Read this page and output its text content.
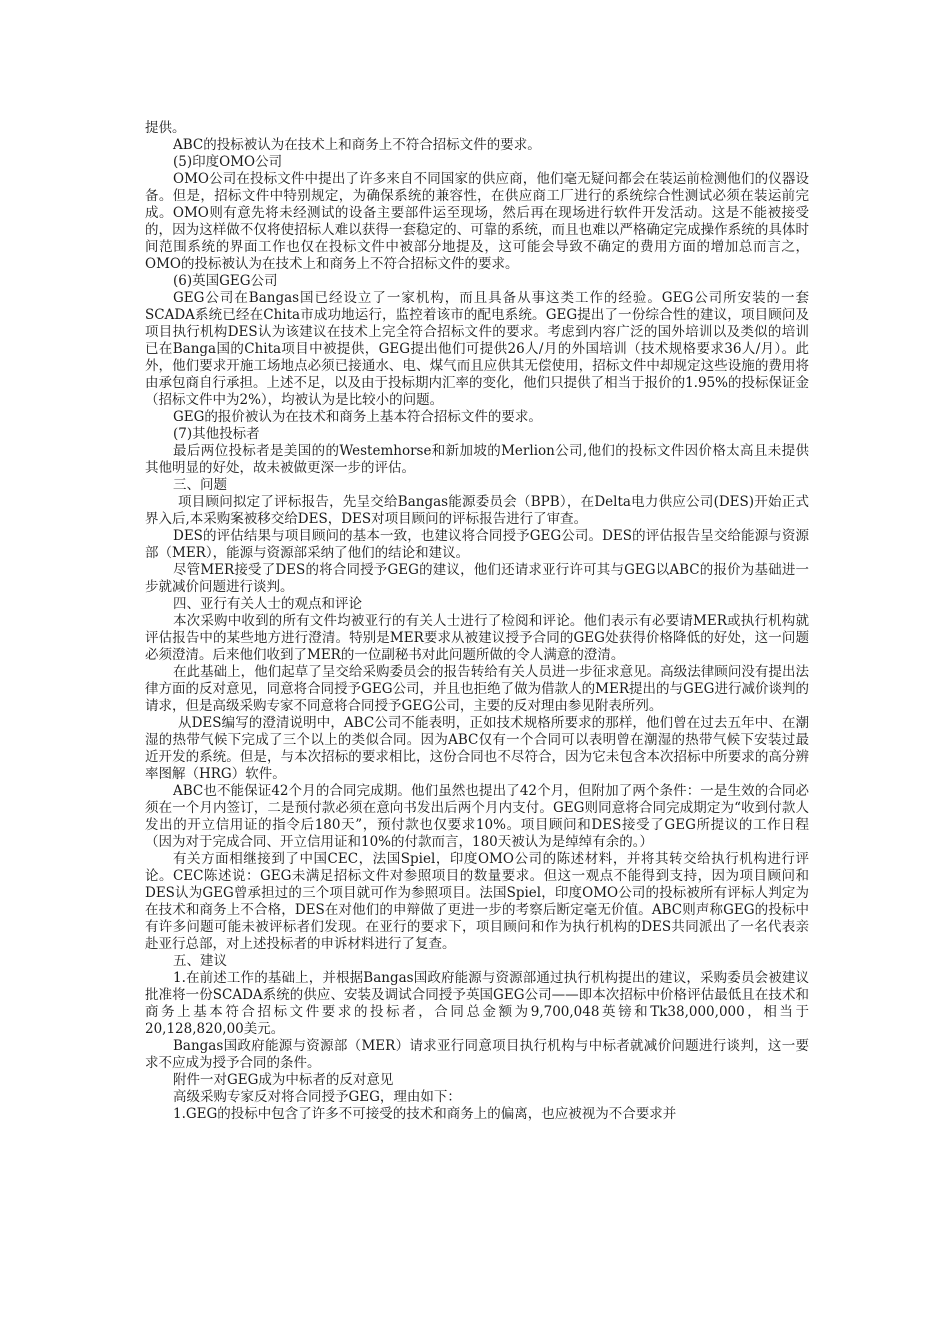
提供。

ABC的投标被认为在技术上和商务上不符合招标文件的要求。

(5)印度OMO公司

OMO公司在投标文件中提出了许多来自不同国家的供应商，他们毫无疑问都会在装运前检测他们的仪器设备。但是，招标文件中特别规定，为确保系统的兼容性，在供应商工厂进行的系统综合性测试必须在装运前完成。OMO则有意先将未经测试的设备主要部件运至现场，然后再在现场进行软件开发活动。这是不能被接受的，因为这样做不仅将使招标人难以获得一套稳定的、可靠的系统，而且也难以严格确定完成操作系统的具体时间范围系统的界面工作也仅在投标文件中被部分地提及，这可能会导致不确定的费用方面的增加总而言之，OMO的投标被认为在技术上和商务上不符合招标文件的要求。

(6)英国GEG公司

GEG公司在Bangas国已经设立了一家机构，而且具备从事这类工作的经验。GEG公司所安装的一套SCADA系统已经在Chita市成功地运行，监控着该市的配电系统。GEG提出了一份综合性的建议，项目顾问及项目执行机构DES认为该建议在技术上完全符合招标文件的要求。考虑到内容广泛的国外培训以及类似的培训已在Banga国的Chita项目中被提供，GEG提出他们可提供26人/月的外国培训（技术规格要求36人/月）。此外，他们要求开施工场地点必须已接通水、电、煤气而且应供其无偿使用，招标文件中却规定这些设施的费用将由承包商自行承担。上述不足，以及由于投标期内汇率的变化，他们只提供了相当于报价的1.95%的投标保证金（招标文件中为2%），均被认为是比较小的问题。

GEG的报价被认为在技术和商务上基本符合招标文件的要求。

(7)其他投标者

最后两位投标者是美国的的Westemhorse和新加坡的Merlion公司,他们的投标文件因价格太高且未提供其他明显的好处，故未被做更深一步的评估。

三、问题

项目顾问拟定了评标报告，先呈交给Bangas能源委员会（BPB），在Delta电力供应公司(DES)开始正式界入后,本采购案被移交给DES，DES对项目顾问的评标报告进行了审查。

DES的评估结果与项目顾问的基本一致，也建议将合同授予GEG公司。DES的评估报告呈交给能源与资源部（MER），能源与资源部采纳了他们的结论和建议。

尽管MER接受了DES的将合同授予GEG的建议，他们还请求亚行许可其与GEG以ABC的报价为基础进一步就减价问题进行谈判。

四、亚行有关人士的观点和评论

本次采购中收到的所有文件均被亚行的有关人士进行了检阅和评论。他们表示有必要请MER或执行机构就评估报告中的某些地方进行澄清。特别是MER要求从被建议授予合同的GEG处获得价格降低的好处，这一问题必须澄清。后来他们收到了MER的一位副秘书对此问题所做的令人满意的澄清。

在此基础上，他们起草了呈交给采购委员会的报告转给有关人员进一步征求意见。高级法律顾问没有提出法律方面的反对意见，同意将合同授予GEG公司，并且也拒绝了做为借款人的MER提出的与GEG进行减价谈判的请求，但是高级采购专家不同意将合同授予GEG公司，主要的反对理由参见附表所列。

从DES编写的澄清说明中，ABC公司不能表明，正如技术规格所要求的那样，他们曾在过去五年中、在潮湿的热带气候下完成了三个以上的类似合同。因为ABC仅有一个合同可以表明曾在潮湿的热带气候下安装过最近开发的系统。但是，与本次招标的要求相比，这份合同也不尽符合，因为它未包含本次招标中所要求的高分辨率图解（HRG）软件。

ABC也不能保证42个月的合同完成期。他们虽然也提出了42个月，但附加了两个条件：一是生效的合同必须在一个月内签订，二是预付款必须在意向书发出后两个月内支付。GEG则同意将合同完成期定为“收到付款人发出的开立信用证的指令后180天”，预付款也仅要求10%。项目顾问和DES接受了GEG所提议的工作日程（因为对于完成合同、开立信用证和10%的付款而言，180天被认为是绰绰有余的。）

有关方面相继接到了中国CEC，法国Spiel，印度OMO公司的陈述材料，并将其转交给执行机构进行评论。CEC陈述说：GEG未满足招标文件对参照项目的数量要求。但这一观点不能得到支持，因为项目顾问和DES认为GEG曾承担过的三个项目就可作为参照项目。法国Spiel，印度OMO公司的投标被所有评标人判定为在技术和商务上不合格，DES在对他们的申辩做了更进一步的考察后断定毫无价值。ABC则声称GEG的投标中有许多问题可能未被评标者们发现。在亚行的要求下，项目顾问和作为执行机构的DES共同派出了一名代表亲赴亚行总部，对上述投标者的申诉材料进行了复查。

五、建议

1.在前述工作的基础上，并根据Bangas国政府能源与资源部通过执行机构提出的建议，采购委员会被建议批准将一份SCADA系统的供应、安装及调试合同授予英国GEG公司——即本次招标中价格评估最低且在技术和商务上基本符合招标文件要求的投标者，合同总金额为9,700,048英镑和Tk38,000,000，相当于20,128,820,00美元。

Bangas国政府能源与资源部（MER）请求亚行同意项目执行机构与中标者就减价问题进行谈判，这一要求不应成为授予合同的条件。

附件一对GEG成为中标者的反对意见

高级采购专家反对将合同授予GEG，理由如下：

1.GEG的投标中包含了许多不可接受的技术和商务上的偏离，也应被视为不合要求并
